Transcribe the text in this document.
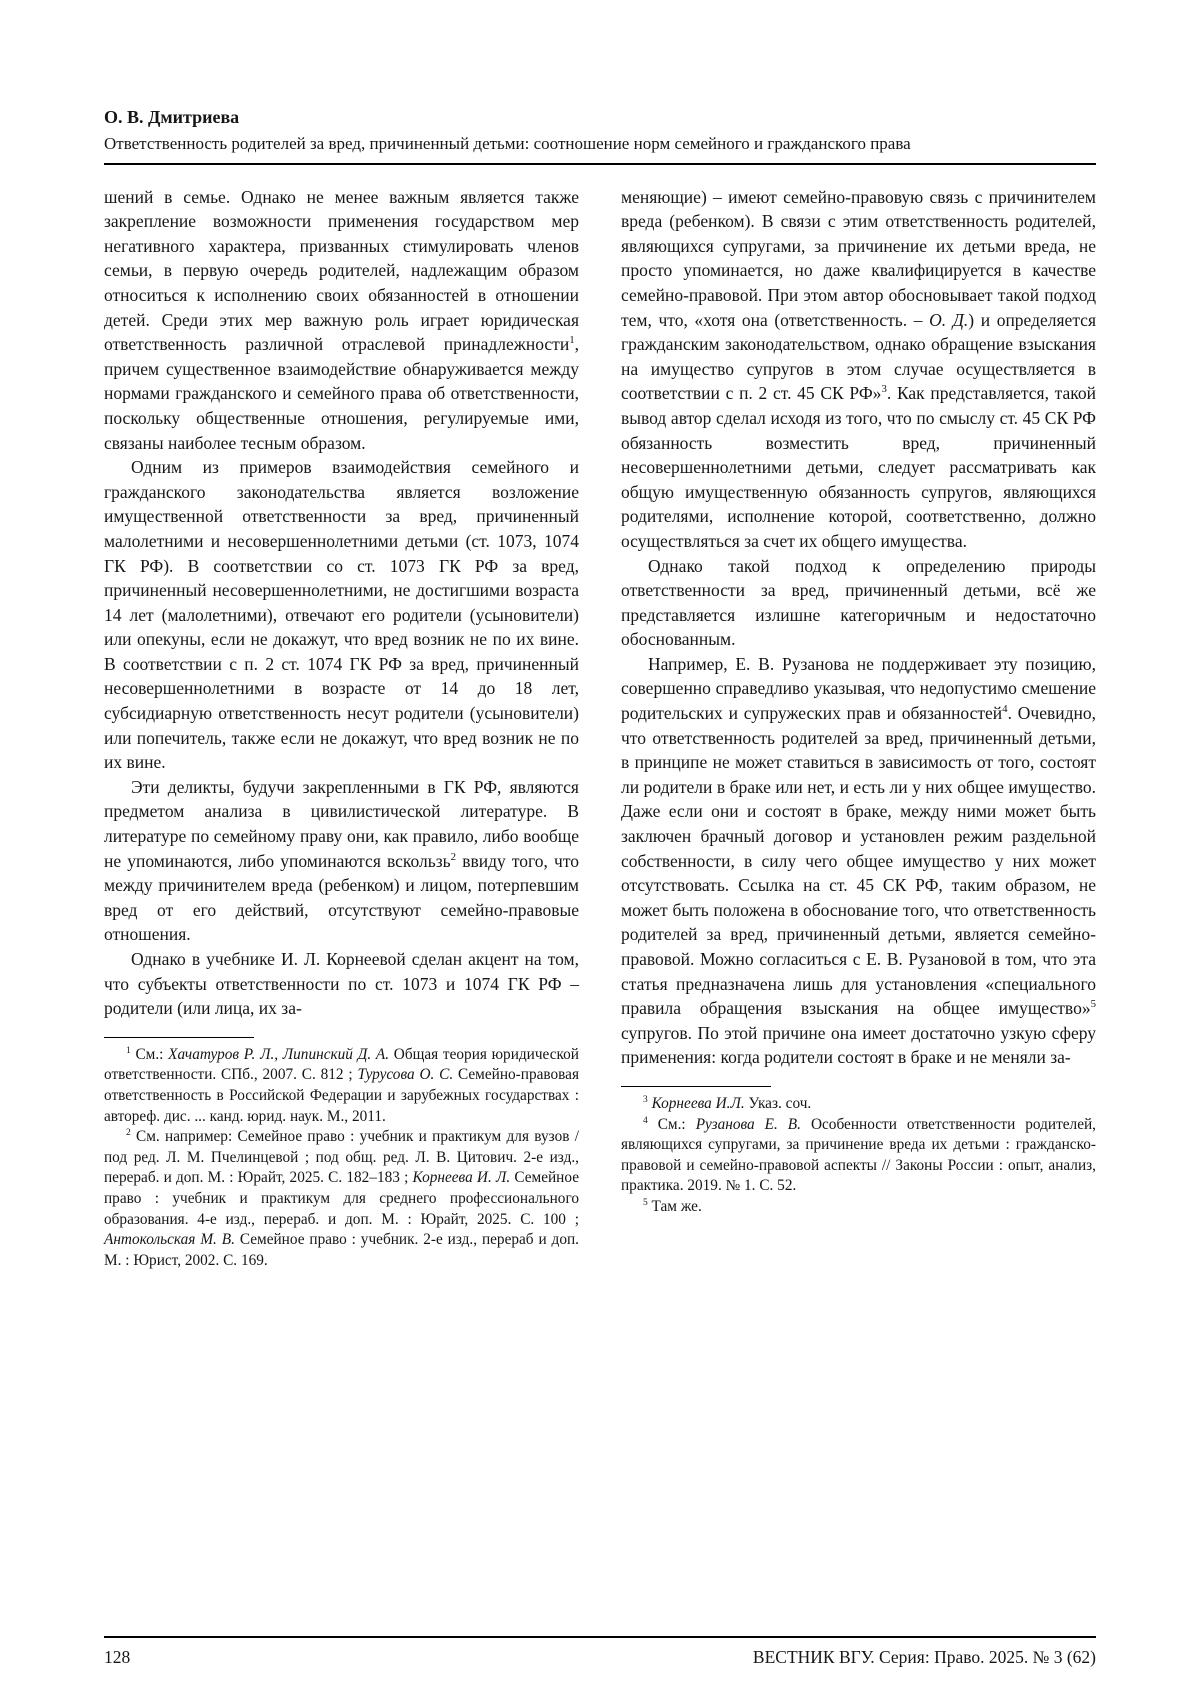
О. В. Дмитриева
Ответственность родителей за вред, причиненный детьми: соотношение норм семейного и гражданского права

шений в семье. Однако не менее важным является также закрепление возможности применения государством мер негативного характера, призванных стимулировать членов семьи, в первую очередь родителей, надлежащим образом относиться к исполнению своих обязанностей в отношении детей. Среди этих мер важную роль играет юридическая ответственность различной отраслевой принадлежности$^1$, причем существенное взаимодействие обнаруживается между нормами гражданского и семейного права об ответственности, поскольку общественные отношения, регулируемые ими, связаны наиболее тесным образом.

Одним из примеров взаимодействия семейного и гражданского законодательства является возложение имущественной ответственности за вред, причиненный малолетними и несовершеннолетними детьми (ст. 1073, 1074 ГК РФ). В соответствии со ст. 1073 ГК РФ за вред, причиненный несовершеннолетними, не достигшими возраста 14 лет (малолетними), отвечают его родители (усыновители) или опекуны, если не докажут, что вред возник не по их вине. В соответствии с п. 2 ст. 1074 ГК РФ за вред, причиненный несовершеннолетними в возрасте от 14 до 18 лет, субсидиарную ответственность несут родители (усыновители) или попечитель, также если не докажут, что вред возник не по их вине.

Эти деликты, будучи закрепленными в ГК РФ, являются предметом анализа в цивилистической литературе. В литературе по семейному праву они, как правило, либо вообще не упоминаются, либо упоминаются вскользь$^2$ ввиду того, что между причинителем вреда (ребенком) и лицом, потерпевшим вред от его действий, отсутствуют семейно-правовые отношения.

Однако в учебнике И. Л. Корнеевой сделан акцент на том, что субъекты ответственности по ст. 1073 и 1074 ГК РФ – родители (или лица, их за-

$^1$ См.: Хачатуров Р. Л., Липинский Д. А. Общая теория юридической ответственности. СПб., 2007. С. 812 ; Турусова О. С. Семейно-правовая ответственность в Российской Федерации и зарубежных государствах : автореф. дис. ... канд. юрид. наук. М., 2011.

$^2$ См. например: Семейное право : учебник и практикум для вузов / под ред. Л. М. Пчелинцевой ; под общ. ред. Л. В. Цитович. 2-е изд., перераб. и доп. М. : Юрайт, 2025. С. 182–183 ; Корнеева И. Л. Семейное право : учебник и практикум для среднего профессионального образования. 4-е изд., перераб. и доп. М. : Юрайт, 2025. С. 100 ; Антокольская М. В. Семейное право : учебник. 2-е изд., перераб и доп. М. : Юрист, 2002. С. 169.

меняющие) – имеют семейно-правовую связь с причинителем вреда (ребенком). В связи с этим ответственность родителей, являющихся супругами, за причинение их детьми вреда, не просто упоминается, но даже квалифицируется в качестве семейно-правовой. При этом автор обосновывает такой подход тем, что, «хотя она (ответственность. – О. Д.) и определяется гражданским законодательством, однако обращение взыскания на имущество супругов в этом случае осуществляется в соответствии с п. 2 ст. 45 СК РФ»$^3$. Как представляется, такой вывод автор сделал исходя из того, что по смыслу ст. 45 СК РФ обязанность возместить вред, причиненный несовершеннолетними детьми, следует рассматривать как общую имущественную обязанность супругов, являющихся родителями, исполнение которой, соответственно, должно осуществляться за счет их общего имущества.

Однако такой подход к определению природы ответственности за вред, причиненный детьми, всё же представляется излишне категоричным и недостаточно обоснованным.

Например, Е. В. Рузанова не поддерживает эту позицию, совершенно справедливо указывая, что недопустимо смешение родительских и супружеских прав и обязанностей$^4$. Очевидно, что ответственность родителей за вред, причиненный детьми, в принципе не может ставиться в зависимость от того, состоят ли родители в браке или нет, и есть ли у них общее имущество. Даже если они и состоят в браке, между ними может быть заключен брачный договор и установлен режим раздельной собственности, в силу чего общее имущество у них может отсутствовать. Ссылка на ст. 45 СК РФ, таким образом, не может быть положена в обоснование того, что ответственность родителей за вред, причиненный детьми, является семейно-правовой. Можно согласиться с Е. В. Рузановой в том, что эта статья предназначена лишь для установления «специального правила обращения взыскания на общее имущество»$^5$ супругов. По этой причине она имеет достаточно узкую сферу применения: когда родители состоят в браке и не меняли за-

$^3$ Корнеева И.Л. Указ. соч.

$^4$ См.: Рузанова Е. В. Особенности ответственности родителей, являющихся супругами, за причинение вреда их детьми : гражданско-правовой и семейно-правовой аспекты // Законы России : опыт, анализ, практика. 2019. № 1. С. 52.

$^5$ Там же.

128	ВЕСТНИК ВГУ. Серия: Право. 2025. № 3 (62)
